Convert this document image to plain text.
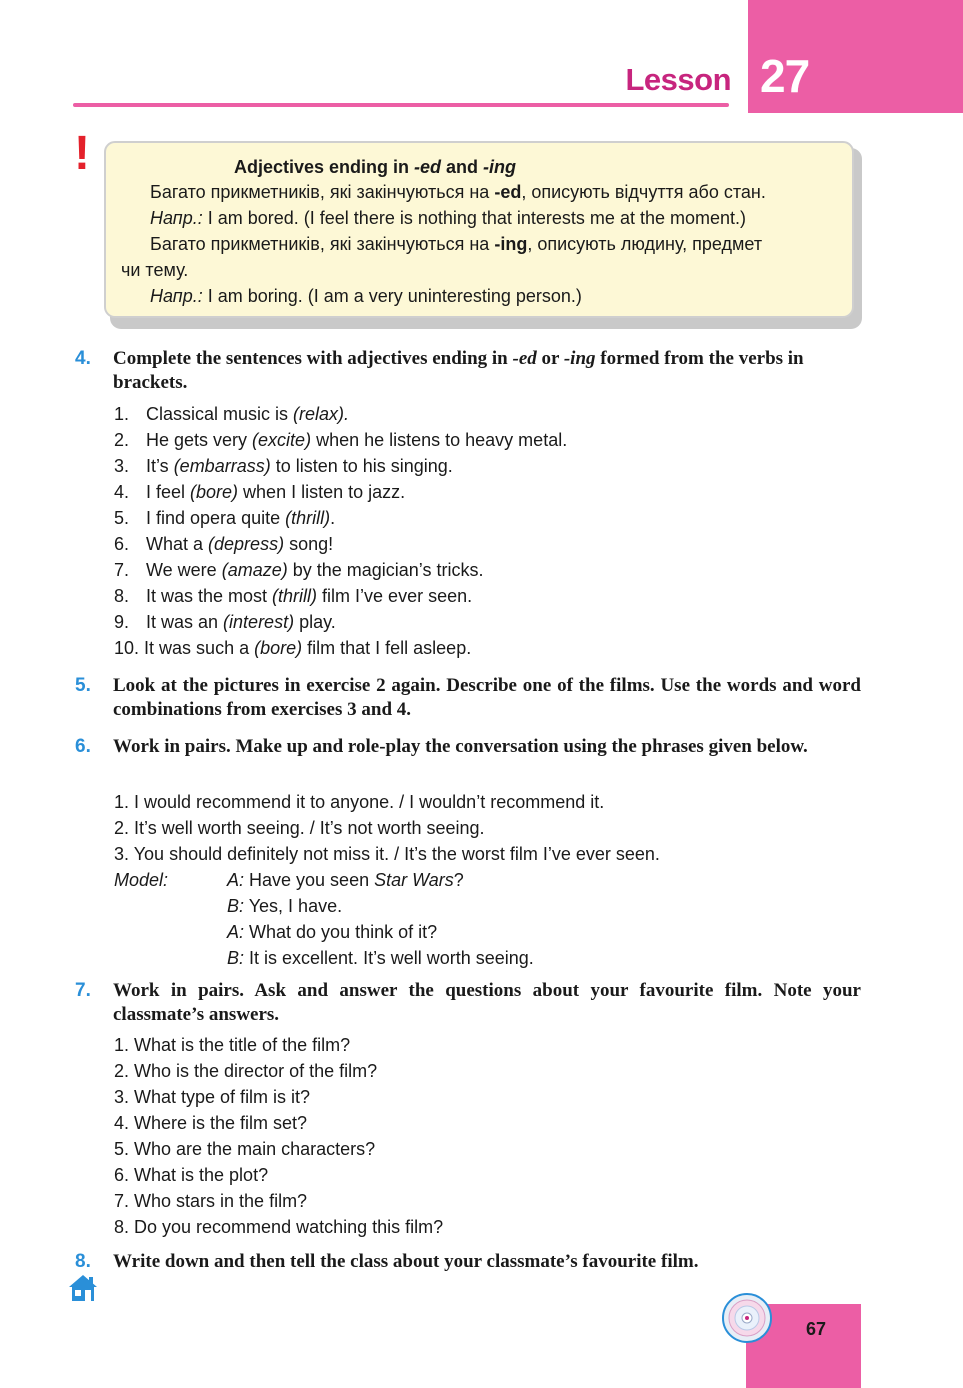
27
Lesson
!	Adjectives ending in -ed and -ing
Багато прикметників, які закінчуються на -ed, описують відчуття або стан.
Напр.: I am bored. (I feel there is nothing that interests me at the moment.)
Багато прикметників, які закінчуються на -ing, описують людину, предмет
чи тему.
Напр.: I am boring. (I am a very uninteresting person.)
4. Complete the sentences with adjectives ending in -ed or -ing formed from the verbs in brackets.
1. Classical music is (relax).
2. He gets very (excite) when he listens to heavy metal.
3. It’s (embarrass) to listen to his singing.
4. I feel (bore) when I listen to jazz.
5. I find opera quite (thrill).
6. What a (depress) song!
7. We were (amaze) by the magician’s tricks.
8. It was the most (thrill) film I’ve ever seen.
9. It was an (interest) play.
10. It was such a (bore) film that I fell asleep.
5. Look at the pictures in exercise 2 again. Describe one of the films. Use the words and word combinations from exercises 3 and 4.
6. Work in pairs. Make up and role-play the conversation using the phrases given below.
1. I would recommend it to anyone. / I wouldn’t recommend it.
2. It’s well worth seeing. / It’s not worth seeing.
3. You should definitely not miss it. / It’s the worst film I’ve ever seen.
Model:	A: Have you seen Star Wars?
B: Yes, I have.
A: What do you think of it?
B: It is excellent. It’s well worth seeing.
7. Work in pairs. Ask and answer the questions about your favourite film. Note your classmate’s answers.
1. What is the title of the film?
2. Who is the director of the film?
3. What type of film is it?
4. Where is the film set?
5. Who are the main characters?
6. What is the plot?
7. Who stars in the film?
8. Do you recommend watching this film?
8. Write down and then tell the class about your classmate’s favourite film.
67
